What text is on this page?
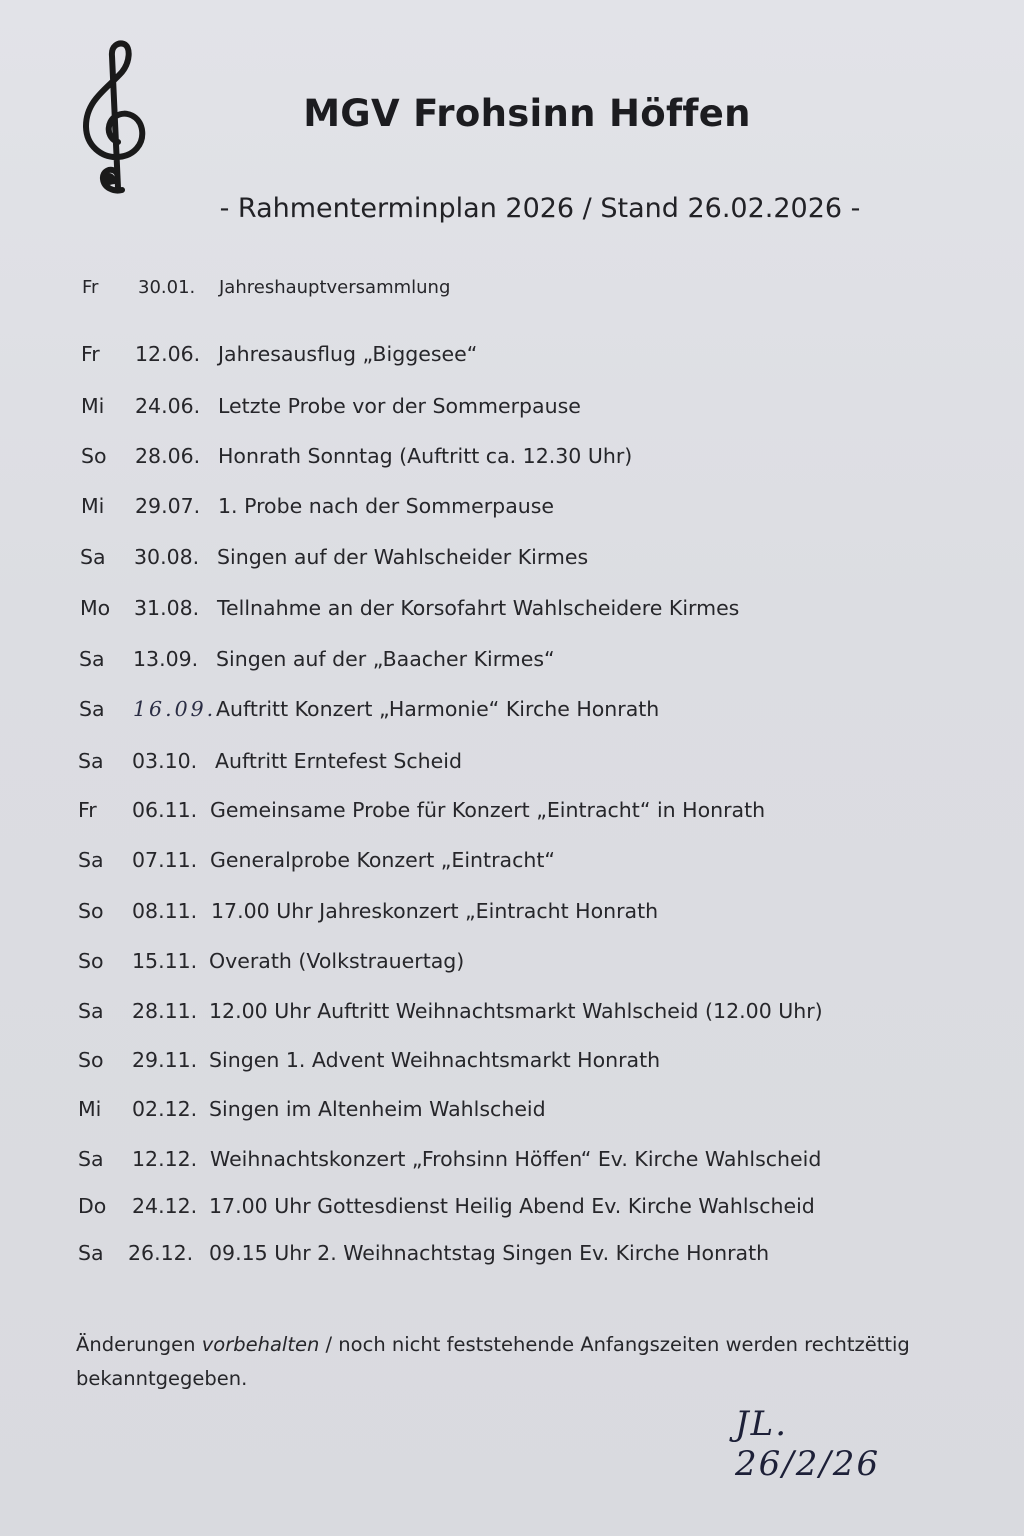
MGV Frohsinn Höffen
- Rahmenterminplan 2026 / Stand 26.02.2026 -
Fr 30.01. Jahreshauptversammlung
Fr 12.06. Jahresausflug „Biggesee“
Mi 24.06. Letzte Probe vor der Sommerpause
So 28.06. Honrath Sonntag (Auftritt ca. 12.30 Uhr)
Mi 29.07. 1. Probe nach der Sommerpause
Sa 30.08. Singen auf der Wahlscheider Kirmes
Mo 31.08. Tellnahme an der Korsofahrt Wahlscheidere Kirmes
Sa 13.09. Singen auf der „Baacher Kirmes“
Sa 16.09. Auftritt Konzert „Harmonie“ Kirche Honrath
Sa 03.10. Auftritt Erntefest Scheid
Fr 06.11. Gemeinsame Probe für Konzert „Eintracht“ in Honrath
Sa 07.11. Generalprobe Konzert „Eintracht“
So 08.11. 17.00 Uhr Jahreskonzert „Eintracht Honrath
So 15.11. Overath (Volkstrauertag)
Sa 28.11. 12.00 Uhr Auftritt Weihnachtsmarkt Wahlscheid (12.00 Uhr)
So 29.11. Singen 1. Advent Weihnachtsmarkt Honrath
Mi 02.12. Singen im Altenheim Wahlscheid
Sa 12.12. Weihnachtskonzert „Frohsinn Höffen“ Ev. Kirche Wahlscheid
Do 24.12. 17.00 Uhr Gottesdienst Heilig Abend Ev. Kirche Wahlscheid
Sa 26.12. 09.15 Uhr 2. Weihnachtstag Singen Ev. Kirche Honrath
Änderungen vorbehalten / noch nicht feststehende Anfangszeiten werden rechtzëttig bekanntgegeben.
JL. 26/2/26
